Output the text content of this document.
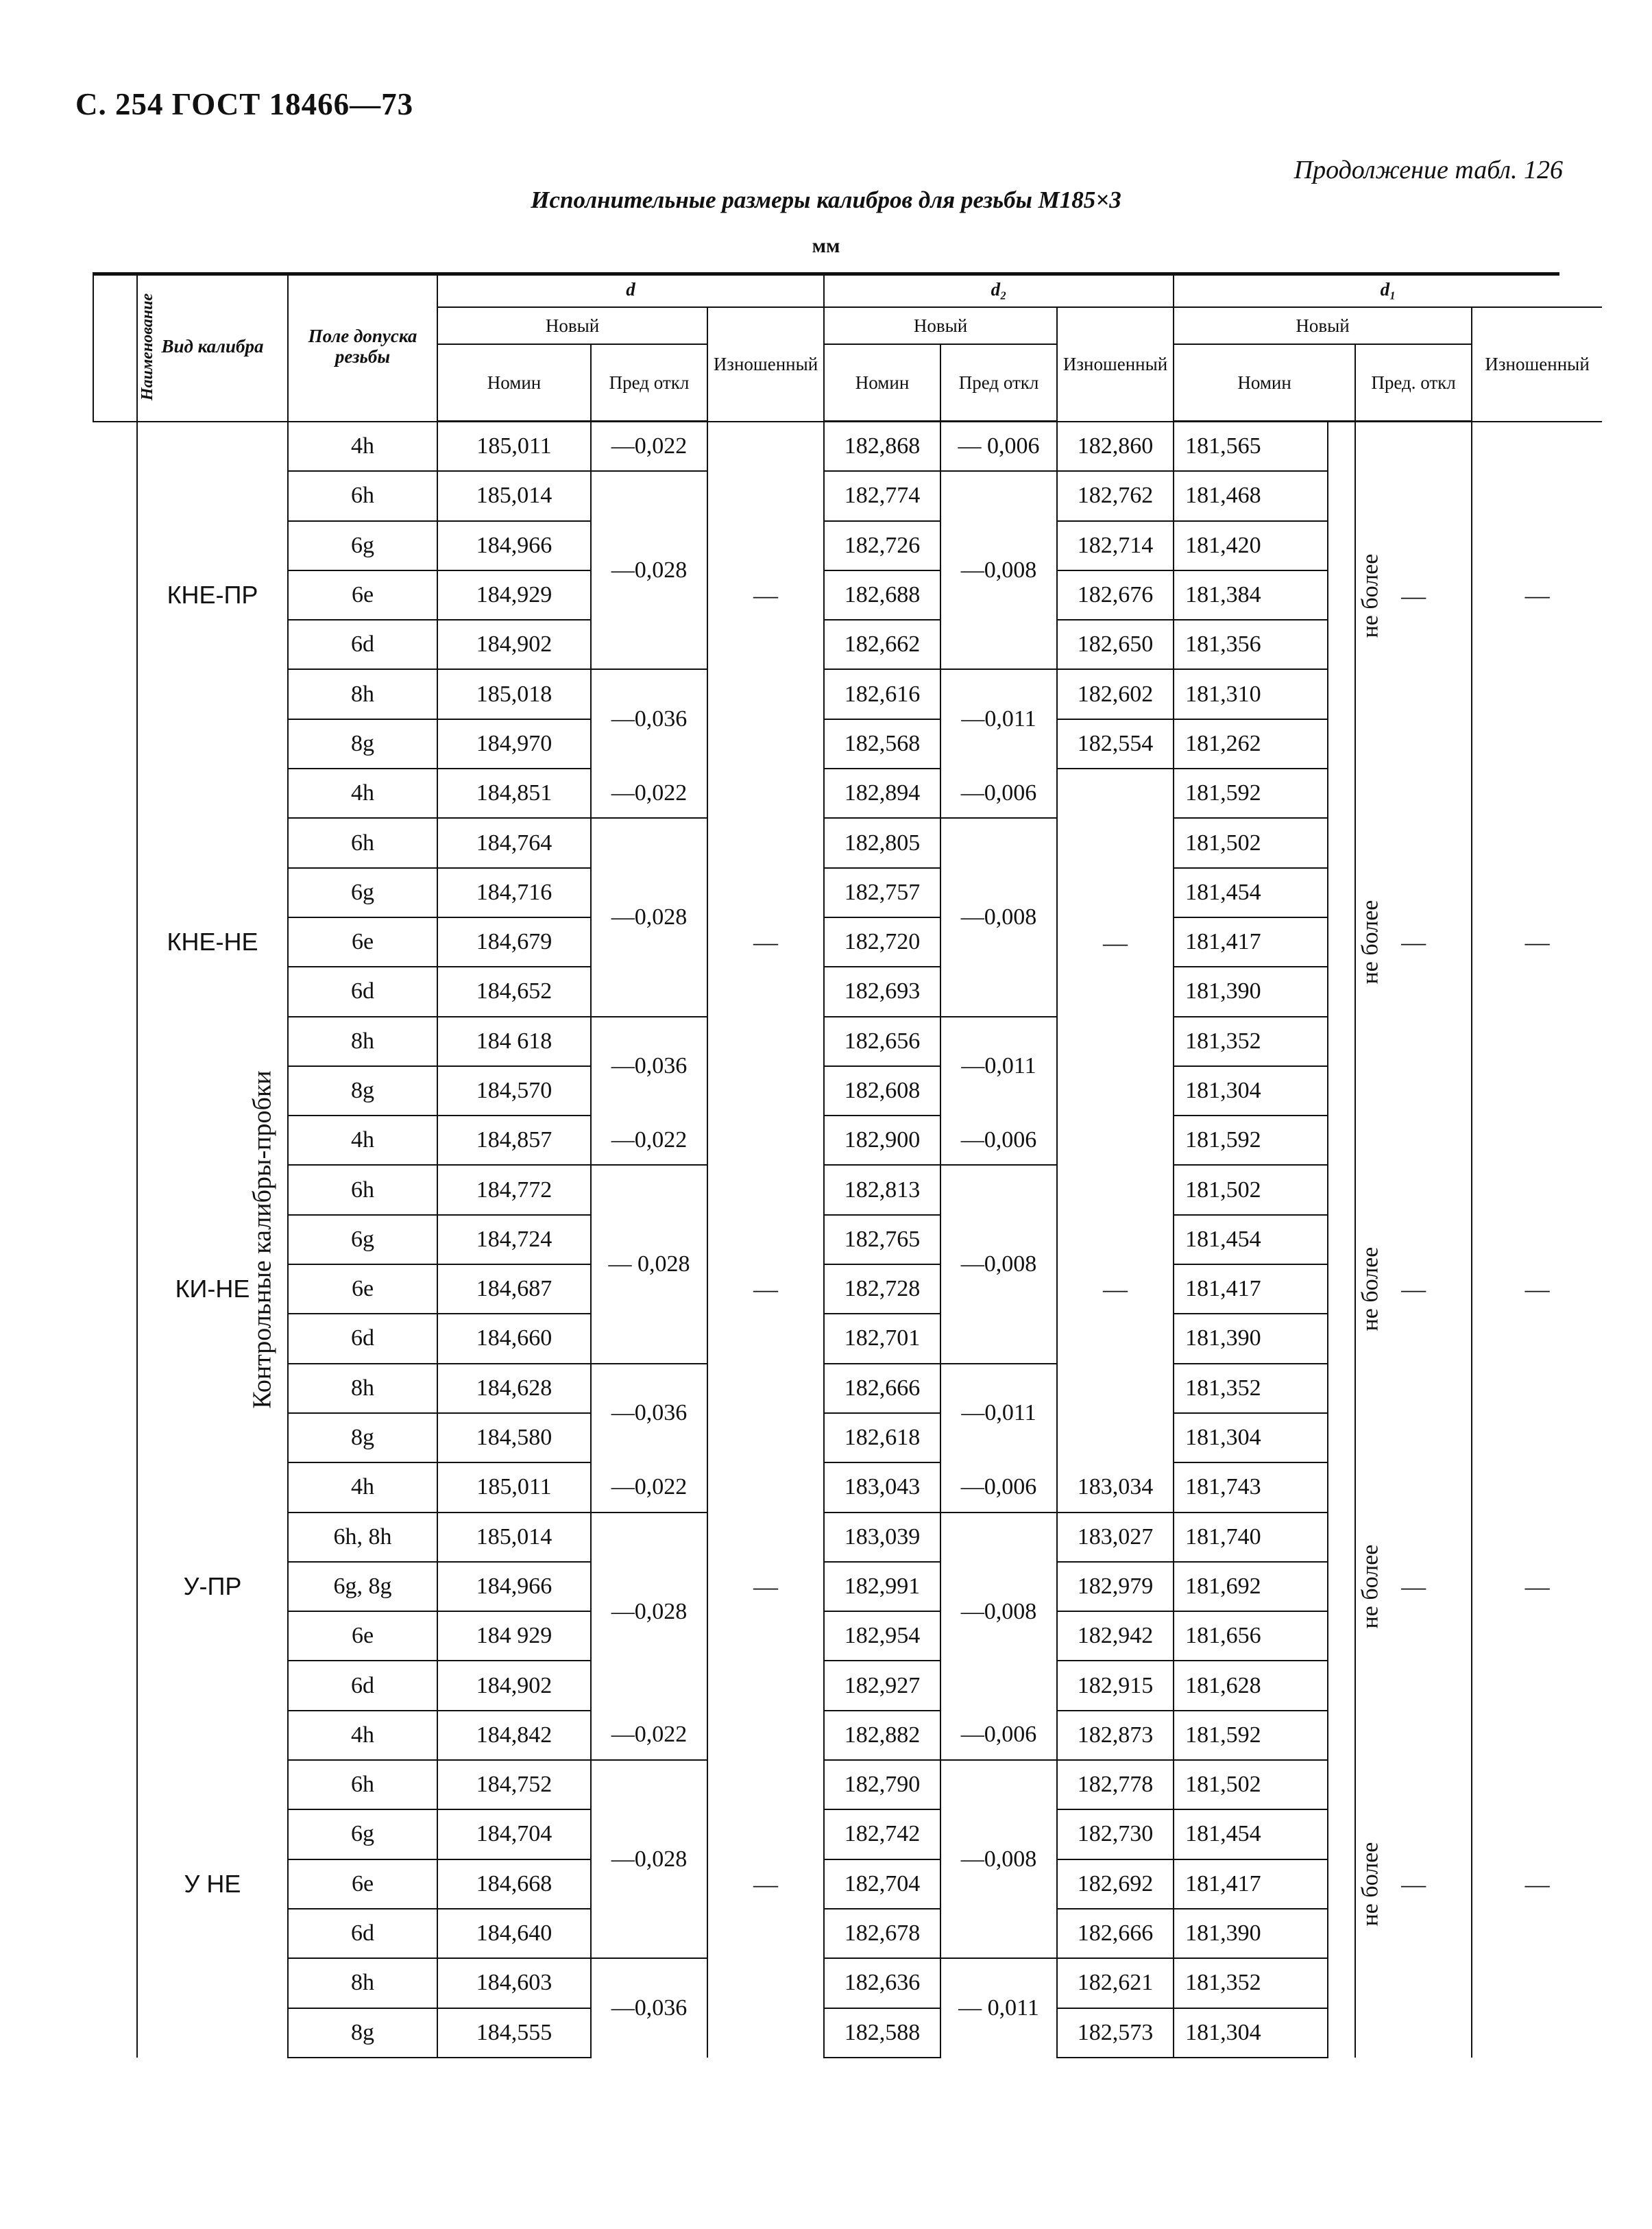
С. 254 ГОСТ 18466—73
Продолжение табл. 126
Исполнительные размеры калибров для резьбы М185×3
мм
Наименование	Вид калибра	Поле допуска резьбы	d			d₂			d₁			
			Новый		Изношенный	Новый		Изношенный	Новый			Изношенный
			Номин	Пред откл		Номин	Пред откл		Номин		Пред. откл	
Контрольные калибры-пробки	КНЕ-ПР	4h	185,011	—0,022	—	182,868	— 0,006	182,860	181,565	не более	—	—
		6h	185,014	—0,028		182,774	—0,008	182,762	181,468			
		6g	184,966			182,726		182,714	181,420			
		6e	184,929			182,688		182,676	181,384			
		6d	184,902			182,662		182,650	181,356			
		8h	185,018	—0,036		182,616	—0,011	182,602	181,310			
		8g	184,970			182,568		182,554	181,262			
	КНЕ-НЕ	4h	184,851	—0,022	—	182,894	—0,006	—	181,592	не более	—	—
		6h	184,764	—0,028		182,805	—0,008		181,502			
		6g	184,716			182,757			181,454			
		6e	184,679			182,720			181,417			
		6d	184,652			182,693			181,390			
		8h	184 618	—0,036		182,656	—0,011		181,352			
		8g	184,570			182,608			181,304			
	КИ-НЕ	4h	184,857	—0,022	—	182,900	—0,006	—	181,592	не более	—	—
		6h	184,772	— 0,028		182,813	—0,008		181,502			
		6g	184,724			182,765			181,454			
		6e	184,687			182,728			181,417			
		6d	184,660			182,701			181,390			
		8h	184,628	—0,036		182,666	—0,011		181,352			
		8g	184,580			182,618			181,304			
	У-ПР	4h	185,011	—0,022	—	183,043	—0,006	183,034	181,743	не более	—	—
		6h, 8h	185,014	—0,028		183,039	—0,008	183,027	181,740			
		6g, 8g	184,966			182,991		182,979	181,692			
		6e	184 929			182,954		182,942	181,656			
		6d	184,902			182,927		182,915	181,628			
	У НЕ	4h	184,842	—0,022	—	182,882	—0,006	182,873	181,592	не более	—	—
		6h	184,752	—0,028		182,790	—0,008	182,778	181,502			
		6g	184,704			182,742		182,730	181,454			
		6e	184,668			182,704		182,692	181,417			
		6d	184,640			182,678		182,666	181,390			
		8h	184,603	—0,036		182,636	— 0,011	182,621	181,352			
		8g	184,555			182,588		182,573	181,304			
